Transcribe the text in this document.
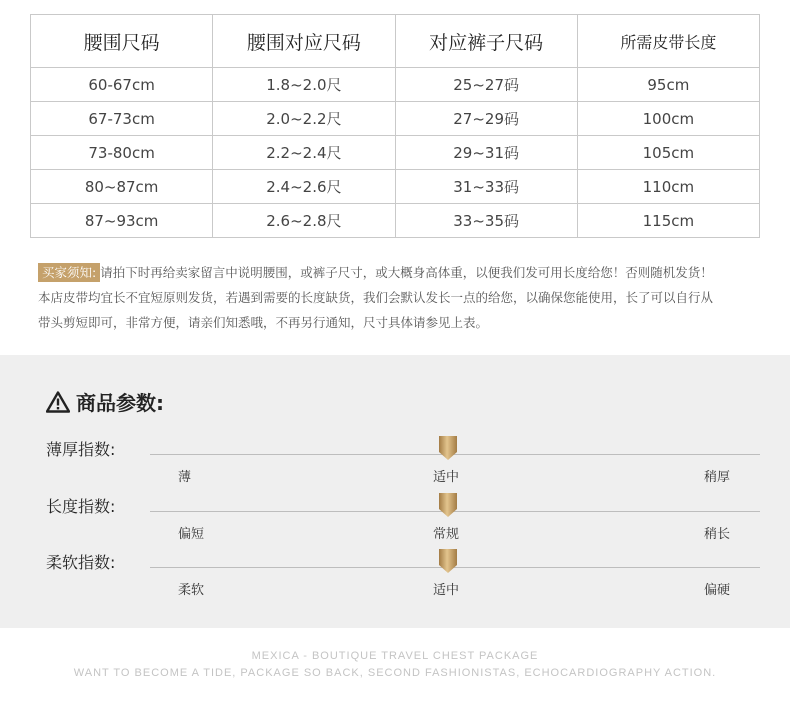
腰围尺码	腰围对应尺码	对应裤子尺码	所需皮带长度
60-67cm	1.8~2.0尺	25~27码	95cm
67-73cm	2.0~2.2尺	27~29码	100cm
73-80cm	2.2~2.4尺	29~31码	105cm
80~87cm	2.4~2.6尺	31~33码	110cm
87~93cm	2.6~2.8尺	33~35码	115cm
买家须知: 请拍下时再给卖家留言中说明腰围，或裤子尺寸，或大概身高体重，以便我们发可用长度给您！否则随机发货！
本店皮带均宜长不宜短原则发货，若遇到需要的长度缺货，我们会默认发长一点的给您，以确保您能使用，长了可以自行从
带头剪短即可，非常方便，请亲们知悉哦，不再另行通知，尺寸具体请参见上表。
商品参数:
薄厚指数:
薄	适中	稍厚
长度指数:
偏短	常规	稍长
柔软指数:
柔软	适中	偏硬
MEXICA - BOUTIQUE TRAVEL CHEST PACKAGE
WANT TO BECOME A TIDE, PACKAGE SO BACK, SECOND FASHIONISTAS, ECHOCARDIOGRAPHY ACTION.
